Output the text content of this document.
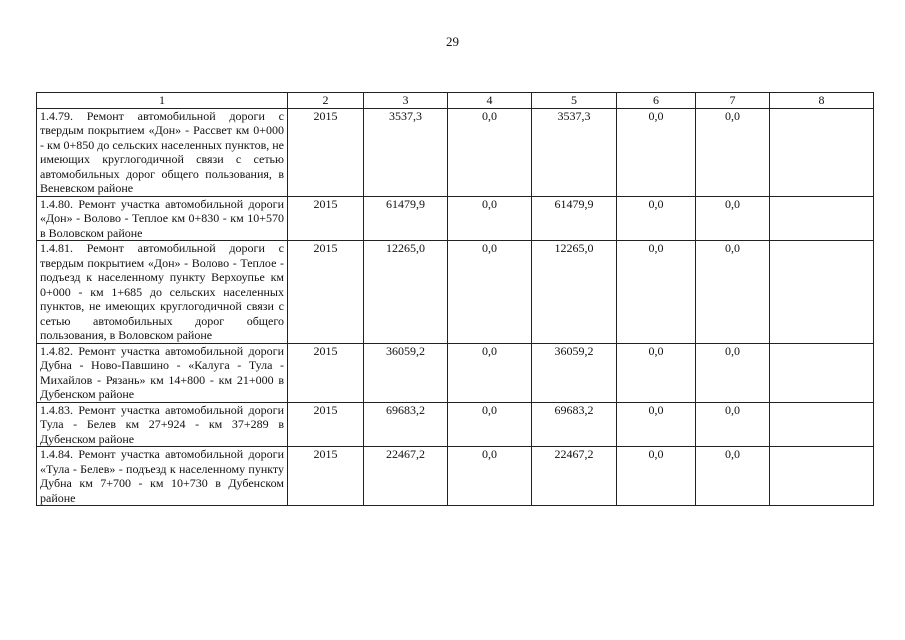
29
1	2	3	4	5	6	7	8
1.4.79. Ремонт автомобильной дороги с твердым покрытием «Дон» - Рассвет км 0+000 - км 0+850 до сельских населенных пунктов, не имеющих круглогодичной связи с сетью автомобильных дорог общего пользования, в Веневском районе	2015	3537,3	0,0	3537,3	0,0	0,0	
1.4.80. Ремонт участка автомобильной дороги «Дон» - Волово - Теплое км 0+830 - км 10+570 в Воловском районе	2015	61479,9	0,0	61479,9	0,0	0,0	
1.4.81. Ремонт автомобильной дороги с твердым покрытием «Дон» - Волово - Теплое - подъезд к населенному пункту Верхоупье км 0+000 - км 1+685 до сельских населенных пунктов, не имеющих круглогодичной связи с сетью автомобильных дорог общего пользования, в Воловском районе	2015	12265,0	0,0	12265,0	0,0	0,0	
1.4.82. Ремонт участка автомобильной дороги Дубна - Ново-Павшино - «Калуга - Тула - Михайлов - Рязань» км 14+800 - км 21+000 в Дубенском районе	2015	36059,2	0,0	36059,2	0,0	0,0	
1.4.83. Ремонт участка автомобильной дороги Тула - Белев км 27+924 - км 37+289 в Дубенском районе	2015	69683,2	0,0	69683,2	0,0	0,0	
1.4.84. Ремонт участка автомобильной дороги «Тула - Белев» - подъезд к населенному пункту Дубна км 7+700 - км 10+730 в Дубенском районе	2015	22467,2	0,0	22467,2	0,0	0,0	
